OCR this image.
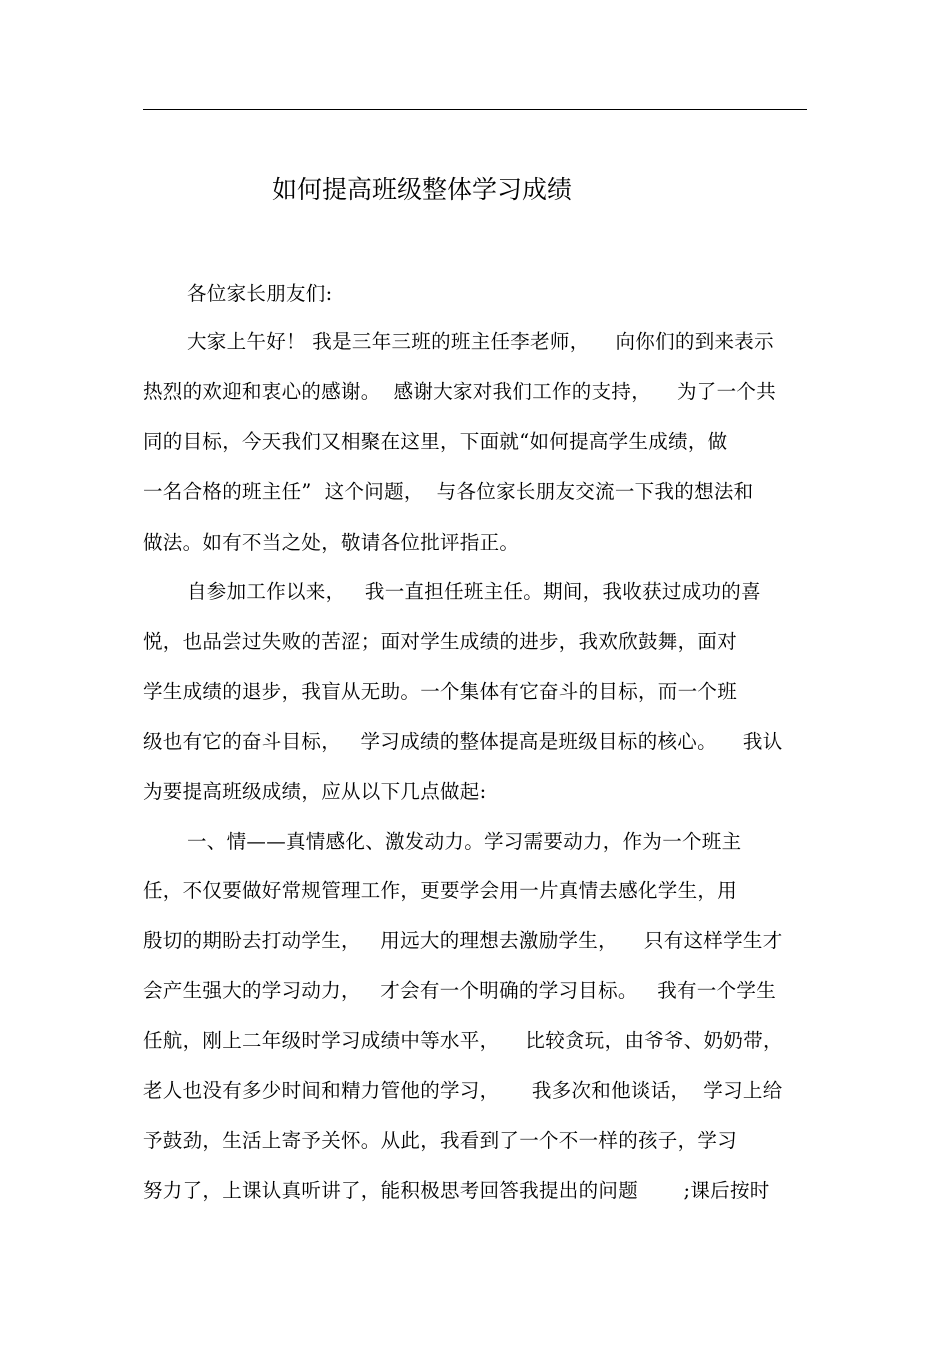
如何提高班级整体学习成绩
各位家长朋友们:
大家上午好！ 我是三年三班的班主任李老师，    向你们的到来表示
热烈的欢迎和衷心的感谢。  感谢大家对我们工作的支持，    为了一个共
同的目标，今天我们又相聚在这里，下面就“如何提高学生成绩，做
一名合格的班主任”  这个问题，  与各位家长朋友交流一下我的想法和
做法。如有不当之处，敬请各位批评指正。
自参加工作以来，   我一直担任班主任。期间，我收获过成功的喜
悦，也品尝过失败的苦涩；面对学生成绩的进步，我欢欣鼓舞，面对
学生成绩的退步，我盲从无助。一个集体有它奋斗的目标，而一个班
级也有它的奋斗目标，   学习成绩的整体提高是班级目标的核心。    我认
为要提高班级成绩，应从以下几点做起:
一、情——真情感化、激发动力。学习需要动力，作为一个班主
任，不仅要做好常规管理工作，更要学会用一片真情去感化学生，用
殷切的期盼去打动学生，   用远大的理想去激励学生，    只有这样学生才
会产生强大的学习动力，   才会有一个明确的学习目标。   我有一个学生
任航，刚上二年级时学习成绩中等水平，    比较贪玩，由爷爷、奶奶带，
老人也没有多少时间和精力管他的学习，     我多次和他谈话，  学习上给
予鼓劲，生活上寄予关怀。从此，我看到了一个不一样的孩子，学习
努力了，上课认真听讲了，能积极思考回答我提出的问题       ;课后按时
